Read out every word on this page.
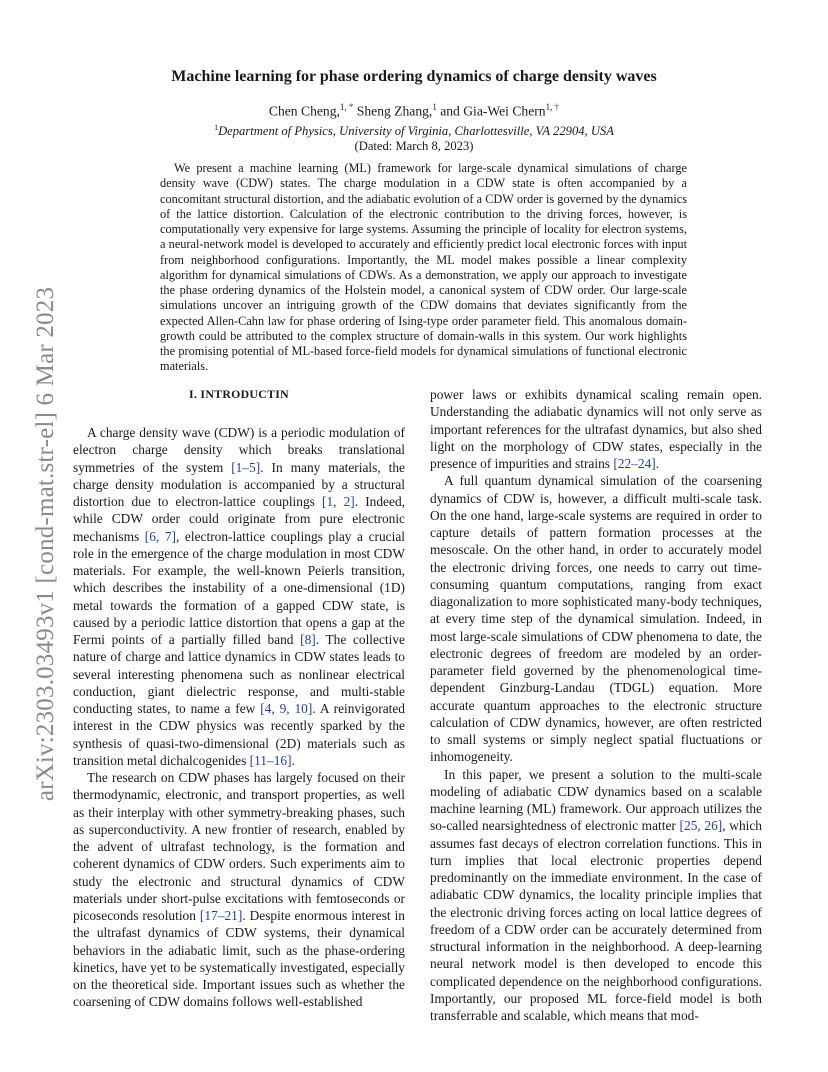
arXiv:2303.03493v1 [cond-mat.str-el] 6 Mar 2023
Machine learning for phase ordering dynamics of charge density waves
Chen Cheng,$^{1, *}$ Sheng Zhang,$^1$ and Gia-Wei Chern$^{1, \dagger}$
$^1$Department of Physics, University of Virginia, Charlottesville, VA 22904, USA
(Dated: March 8, 2023)
We present a machine learning (ML) framework for large-scale dynamical simulations of charge density wave (CDW) states. The charge modulation in a CDW state is often accompanied by a concomitant structural distortion, and the adiabatic evolution of a CDW order is governed by the dynamics of the lattice distortion. Calculation of the electronic contribution to the driving forces, however, is computationally very expensive for large systems. Assuming the principle of locality for electron systems, a neural-network model is developed to accurately and efficiently predict local electronic forces with input from neighborhood configurations. Importantly, the ML model makes possible a linear complexity algorithm for dynamical simulations of CDWs. As a demonstration, we apply our approach to investigate the phase ordering dynamics of the Holstein model, a canonical system of CDW order. Our large-scale simulations uncover an intriguing growth of the CDW domains that deviates significantly from the expected Allen-Cahn law for phase ordering of Ising-type order parameter field. This anomalous domain-growth could be attributed to the complex structure of domain-walls in this system. Our work highlights the promising potential of ML-based force-field models for dynamical simulations of functional electronic materials.
I. INTRODUCTIN

A charge density wave (CDW) is a periodic modulation of electron charge density which breaks translational symmetries of the system [1–5]. In many materials, the charge density modulation is accompanied by a structural distortion due to electron-lattice couplings [1, 2]. Indeed, while CDW order could originate from pure electronic mechanisms [6, 7], electron-lattice couplings play a crucial role in the emergence of the charge modulation in most CDW materials. For example, the well-known Peierls transition, which describes the instability of a one-dimensional (1D) metal towards the formation of a gapped CDW state, is caused by a periodic lattice distortion that opens a gap at the Fermi points of a partially filled band [8]. The collective nature of charge and lattice dynamics in CDW states leads to several interesting phenomena such as nonlinear electrical conduction, giant dielectric response, and multi-stable conducting states, to name a few [4, 9, 10]. A reinvigorated interest in the CDW physics was recently sparked by the synthesis of quasi-two-dimensional (2D) materials such as transition metal dichalcogenides [11–16].

The research on CDW phases has largely focused on their thermodynamic, electronic, and transport properties, as well as their interplay with other symmetry-breaking phases, such as superconductivity. A new frontier of research, enabled by the advent of ultrafast technology, is the formation and coherent dynamics of CDW orders. Such experiments aim to study the electronic and structural dynamics of CDW materials under short-pulse excitations with femtoseconds or picoseconds resolution [17–21]. Despite enormous interest in the ultrafast dynamics of CDW systems, their dynamical behaviors in the adiabatic limit, such as the phase-ordering kinetics, have yet to be systematically investigated, especially on the theoretical side. Important issues such as whether the coarsening of CDW domains follows well-established

power laws or exhibits dynamical scaling remain open. Understanding the adiabatic dynamics will not only serve as important references for the ultrafast dynamics, but also shed light on the morphology of CDW states, especially in the presence of impurities and strains [22–24].

A full quantum dynamical simulation of the coarsening dynamics of CDW is, however, a difficult multi-scale task. On the one hand, large-scale systems are required in order to capture details of pattern formation processes at the mesoscale. On the other hand, in order to accurately model the electronic driving forces, one needs to carry out time-consuming quantum computations, ranging from exact diagonalization to more sophisticated many-body techniques, at every time step of the dynamical simulation. Indeed, in most large-scale simulations of CDW phenomena to date, the electronic degrees of freedom are modeled by an order-parameter field governed by the phenomenological time-dependent Ginzburg-Landau (TDGL) equation. More accurate quantum approaches to the electronic structure calculation of CDW dynamics, however, are often restricted to small systems or simply neglect spatial fluctuations or inhomogeneity.

In this paper, we present a solution to the multi-scale modeling of adiabatic CDW dynamics based on a scalable machine learning (ML) framework. Our approach utilizes the so-called nearsightedness of electronic matter [25, 26], which assumes fast decays of electron correlation functions. This in turn implies that local electronic properties depend predominantly on the immediate environment. In the case of adiabatic CDW dynamics, the locality principle implies that the electronic driving forces acting on local lattice degrees of freedom of a CDW order can be accurately determined from structural information in the neighborhood. A deep-learning neural network model is then developed to encode this complicated dependence on the neighborhood configurations. Importantly, our proposed ML force-field model is both transferrable and scalable, which means that mod-
